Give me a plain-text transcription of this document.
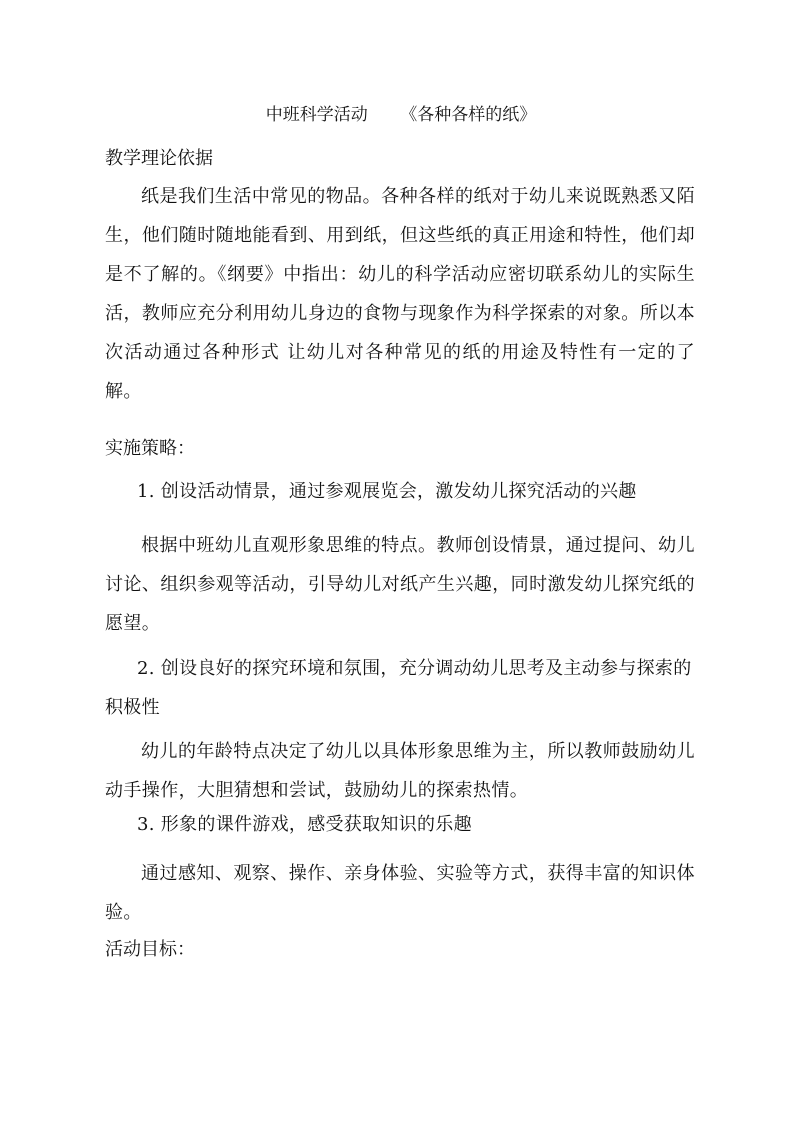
中班科学活动      《各种各样的纸》
教学理论依据

纸是我们生活中常见的物品。各种各样的纸对于幼儿来说既熟悉又陌生，他们随时随地能看到、用到纸，但这些纸的真正用途和特性，他们却是不了解的。《纲要》中指出：幼儿的科学活动应密切联系幼儿的实际生活，教师应充分利用幼儿身边的食物与现象作为科学探索的对象。所以本次活动通过各种形式 让幼儿对各种常见的纸的用途及特性有一定的了解。

实施策略：

1. 创设活动情景，通过参观展览会，激发幼儿探究活动的兴趣

根据中班幼儿直观形象思维的特点。教师创设情景，通过提问、幼儿讨论、组织参观等活动，引导幼儿对纸产生兴趣，同时激发幼儿探究纸的愿望。

2. 创设良好的探究环境和氛围，充分调动幼儿思考及主动参与探索的积极性

幼儿的年龄特点决定了幼儿以具体形象思维为主，所以教师鼓励幼儿动手操作，大胆猜想和尝试，鼓励幼儿的探索热情。

3. 形象的课件游戏，感受获取知识的乐趣

通过感知、观察、操作、亲身体验、实验等方式，获得丰富的知识体验。

活动目标：
